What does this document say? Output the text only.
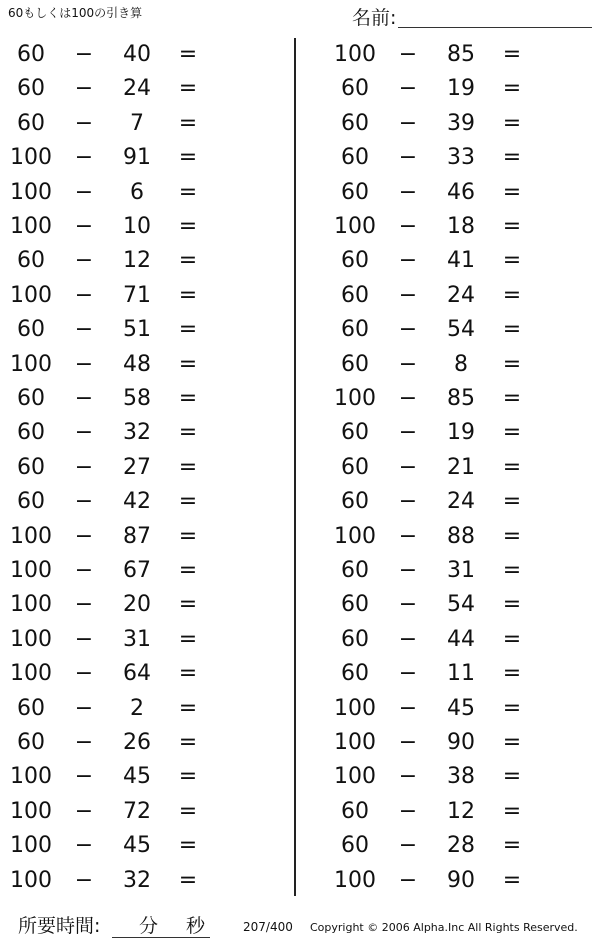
60もしくは100の引き算	名前:
60	−	40	=
60	−	24	=
60	−	7	=
100	−	91	=
100	−	6	=
100	−	10	=
60	−	12	=
100	−	71	=
60	−	51	=
100	−	48	=
60	−	58	=
60	−	32	=
60	−	27	=
60	−	42	=
100	−	87	=
100	−	67	=
100	−	20	=
100	−	31	=
100	−	64	=
60	−	2	=
60	−	26	=
100	−	45	=
100	−	72	=
100	−	45	=
100	−	32	=
100	−	85	=
60	−	19	=
60	−	39	=
60	−	33	=
60	−	46	=
100	−	18	=
60	−	41	=
60	−	24	=
60	−	54	=
60	−	8	=
100	−	85	=
60	−	19	=
60	−	21	=
60	−	24	=
100	−	88	=
60	−	31	=
60	−	54	=
60	−	44	=
60	−	11	=
100	−	45	=
100	−	90	=
100	−	38	=
60	−	12	=
60	−	28	=
100	−	90	=
所要時間: 分 秒	207/400 Copyright © 2006 Alpha.Inc All Rights Reserved.
